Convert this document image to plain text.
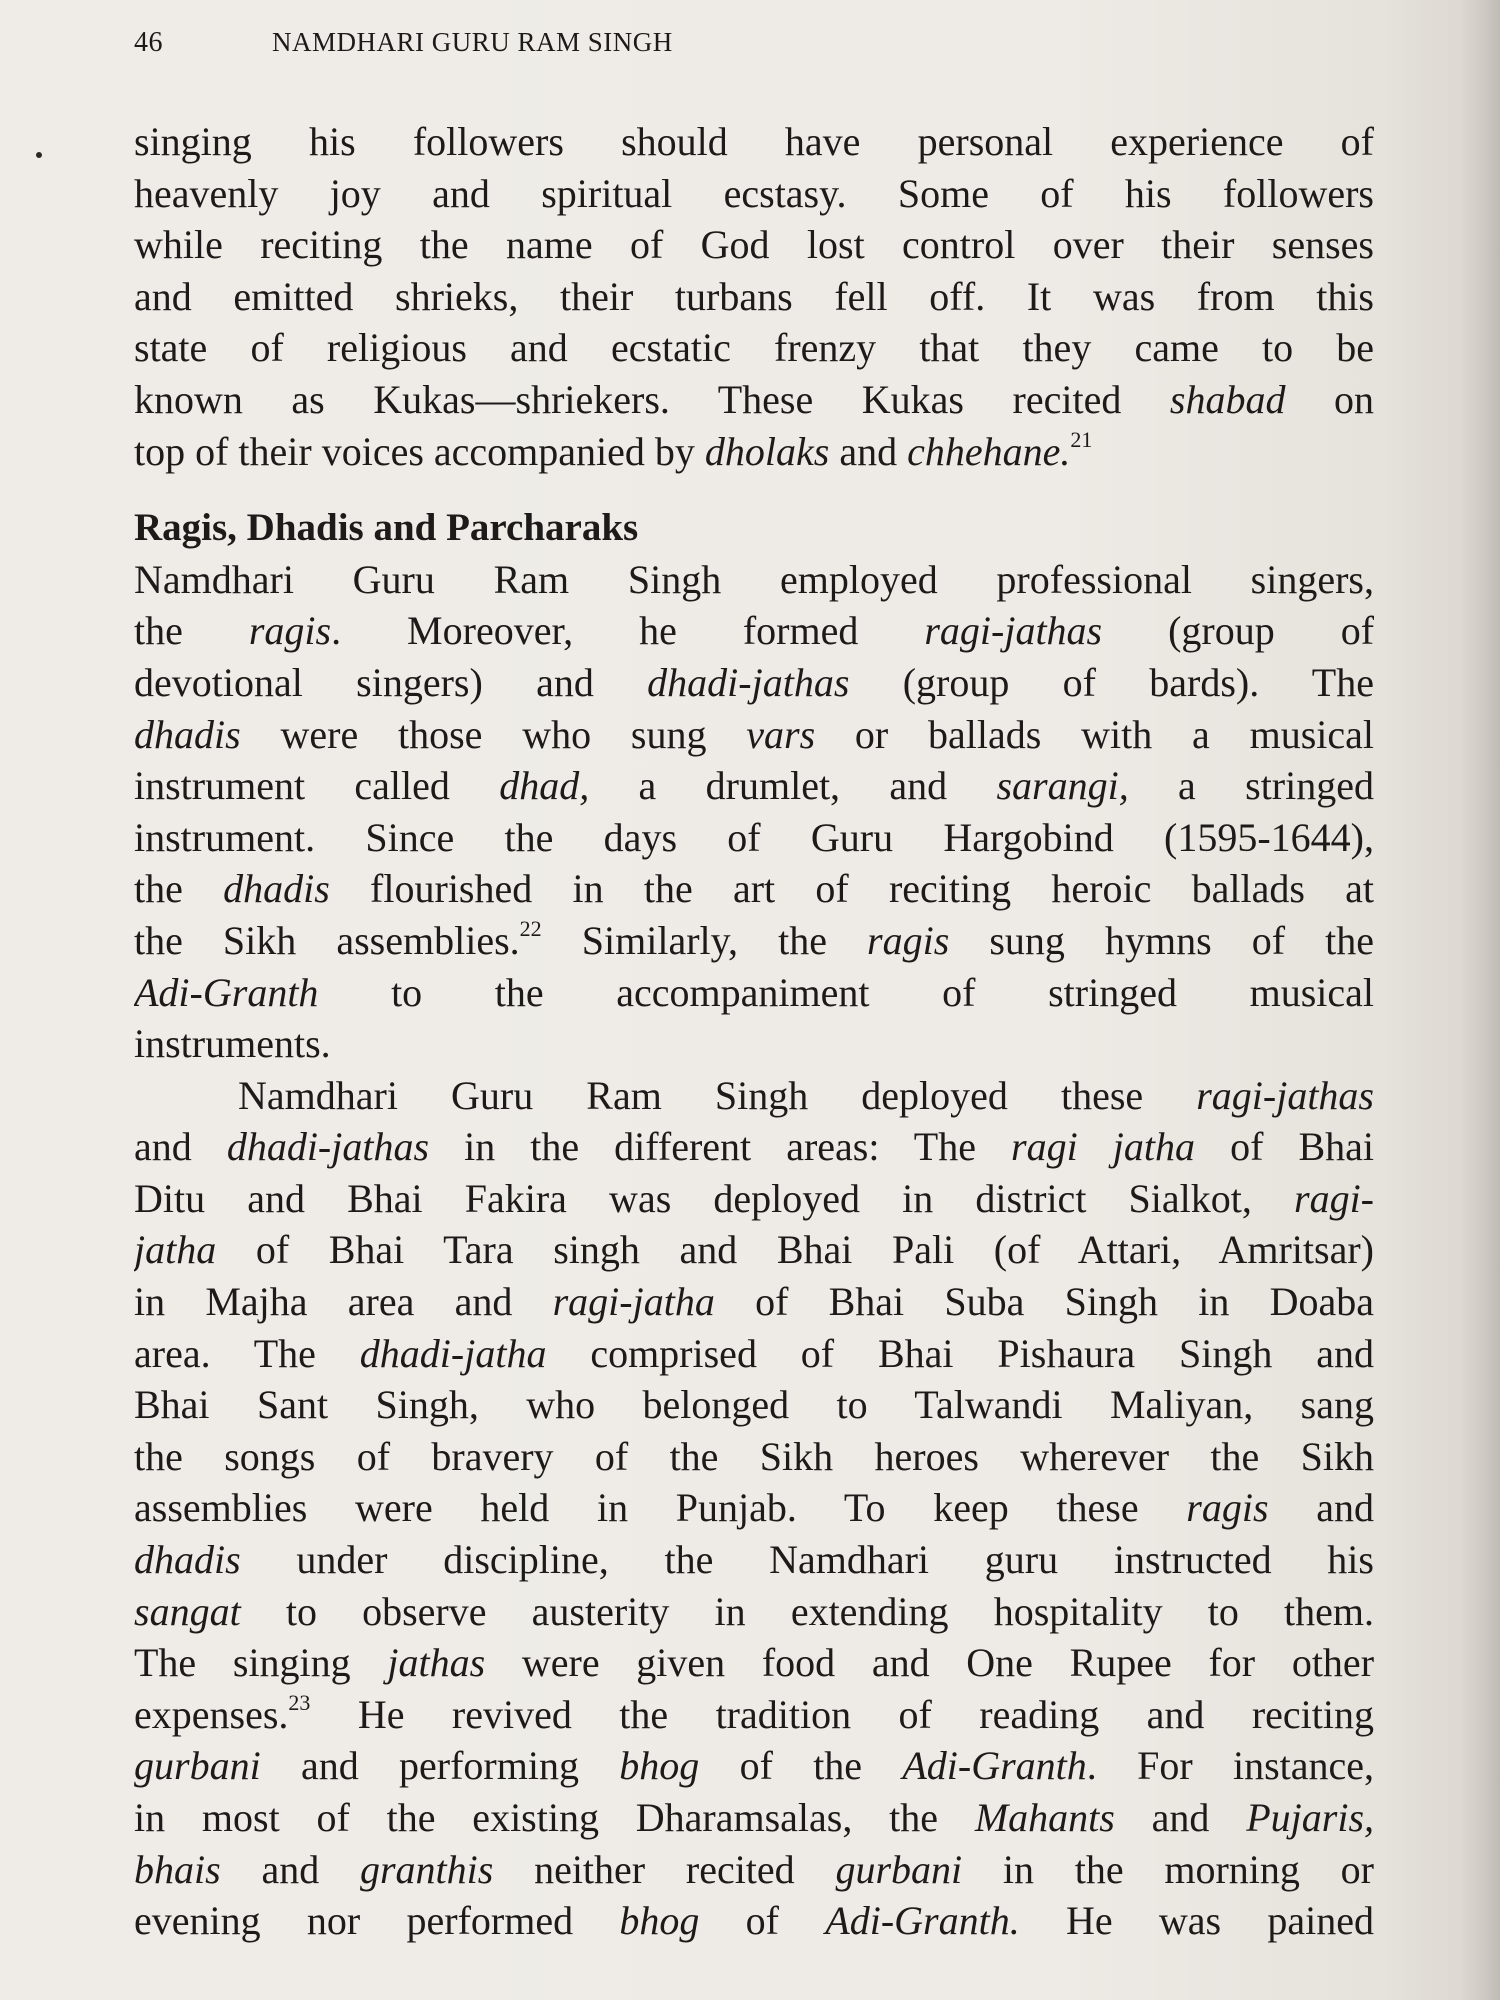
46	NAMDHARI GURU RAM SINGH
singing his followers should have personal experience of
heavenly joy and spiritual ecstasy. Some of his followers
while reciting the name of God lost control over their senses
and emitted shrieks, their turbans fell off. It was from this
state of religious and ecstatic frenzy that they came to be
known as Kukas—shriekers. These Kukas recited shabad on
top of their voices accompanied by dholaks and chhehane.$^{21}$
Ragis, Dhadis and Parcharaks
Namdhari Guru Ram Singh employed professional singers,
the ragis. Moreover, he formed ragi-jathas (group of
devotional singers) and dhadi-jathas (group of bards). The
dhadis were those who sung vars or ballads with a musical
instrument called dhad, a drumlet, and sarangi, a stringed
instrument. Since the days of Guru Hargobind (1595-1644),
the dhadis flourished in the art of reciting heroic ballads at
the Sikh assemblies.$^{22}$ Similarly, the ragis sung hymns of the
Adi-Granth to the accompaniment of stringed musical
instruments.
Namdhari Guru Ram Singh deployed these ragi-jathas
and dhadi-jathas in the different areas: The ragi jatha of Bhai
Ditu and Bhai Fakira was deployed in district Sialkot, ragi-
jatha of Bhai Tara singh and Bhai Pali (of Attari, Amritsar)
in Majha area and ragi-jatha of Bhai Suba Singh in Doaba
area. The dhadi-jatha comprised of Bhai Pishaura Singh and
Bhai Sant Singh, who belonged to Talwandi Maliyan, sang
the songs of bravery of the Sikh heroes wherever the Sikh
assemblies were held in Punjab. To keep these ragis and
dhadis under discipline, the Namdhari guru instructed his
sangat to observe austerity in extending hospitality to them.
The singing jathas were given food and One Rupee for other
expenses.$^{23}$ He revived the tradition of reading and reciting
gurbani and performing bhog of the Adi-Granth. For instance,
in most of the existing Dharamsalas, the Mahants and Pujaris,
bhais and granthis neither recited gurbani in the morning or
evening nor performed bhog of Adi-Granth. He was pained
